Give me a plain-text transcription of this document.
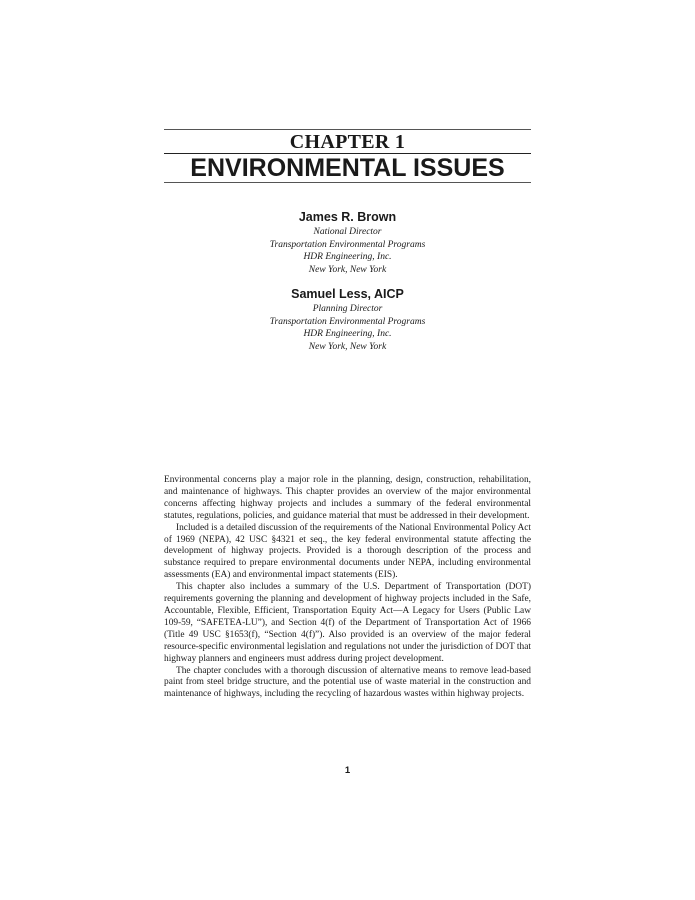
CHAPTER 1
ENVIRONMENTAL ISSUES
James R. Brown
National Director
Transportation Environmental Programs
HDR Engineering, Inc.
New York, New York
Samuel Less, AICP
Planning Director
Transportation Environmental Programs
HDR Engineering, Inc.
New York, New York

Environmental concerns play a major role in the planning, design, construction, rehabilitation, and maintenance of highways. This chapter provides an overview of the major environmental concerns affecting highway projects and includes a summary of the federal environmental statutes, regulations, policies, and guidance material that must be addressed in their development.

Included is a detailed discussion of the requirements of the National Environmental Policy Act of 1969 (NEPA), 42 USC §4321 et seq., the key federal environmental statute affecting the development of highway projects. Provided is a thorough description of the process and substance required to prepare environmental documents under NEPA, including environmental assessments (EA) and environmental impact statements (EIS).

This chapter also includes a summary of the U.S. Department of Transportation (DOT) requirements governing the planning and development of highway projects included in the Safe, Accountable, Flexible, Efficient, Transportation Equity Act—A Legacy for Users (Public Law 109-59, “SAFETEA-LU”), and Section 4(f) of the Department of Transportation Act of 1966 (Title 49 USC §1653(f), “Section 4(f)”). Also provided is an overview of the major federal resource-specific environmental legislation and regulations not under the jurisdiction of DOT that highway planners and engineers must address during project development.

The chapter concludes with a thorough discussion of alternative means to remove lead-based paint from steel bridge structure, and the potential use of waste material in the construction and maintenance of highways, including the recycling of hazardous wastes within highway projects.

1
